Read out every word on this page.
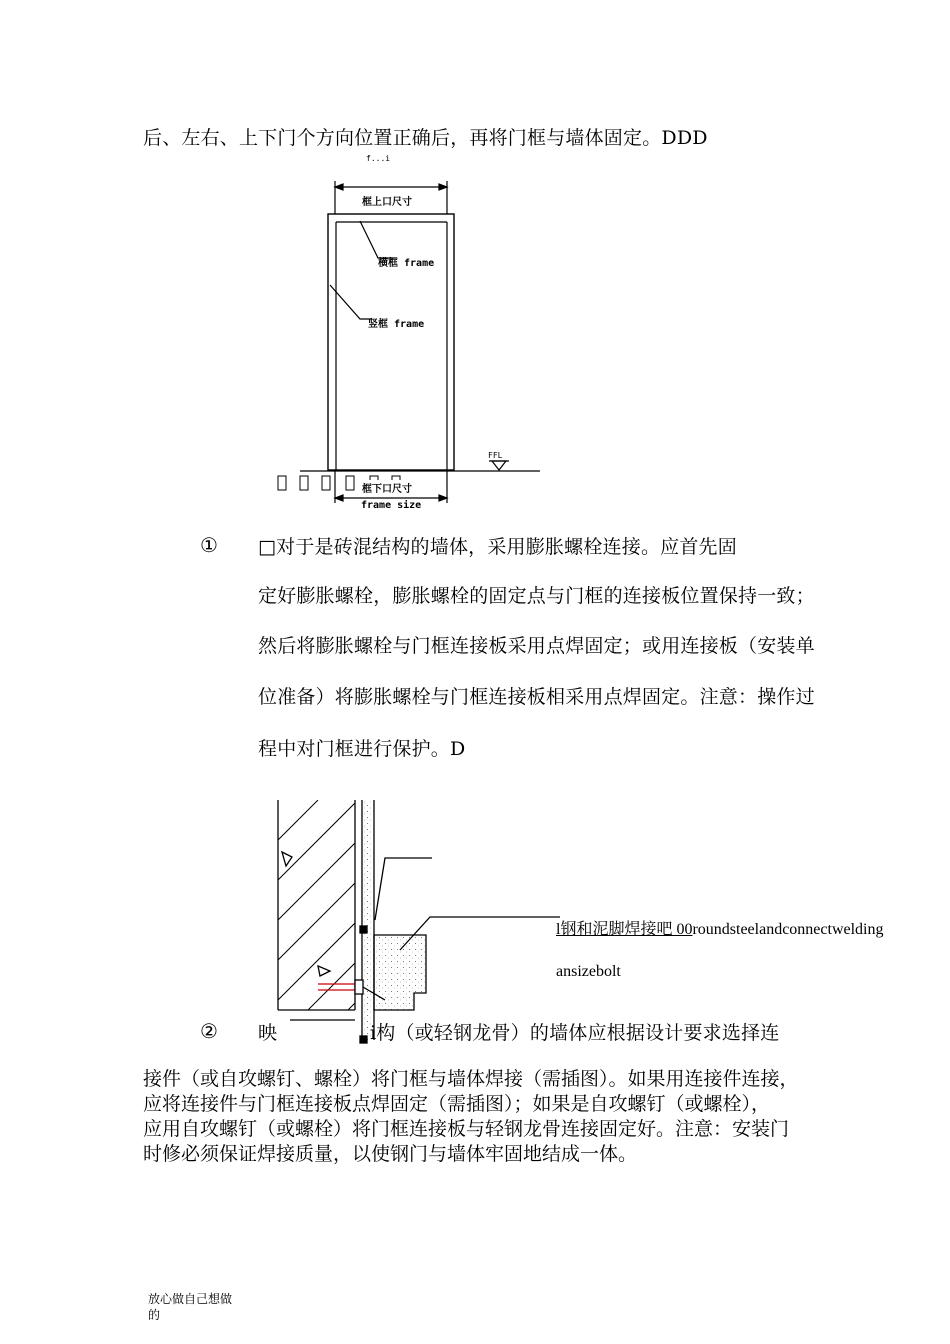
后、左右、上下门个方向位置正确后，再将门框与墙体固定。DDD
f...i
框上口尺寸
横框 frame
竖框 frame
FFL
框下口尺寸
frame size
① □对于是砖混结构的墙体，采用膨胀螺栓连接。应首先固
定好膨胀螺栓，膨胀螺栓的固定点与门框的连接板位置保持一致；
然后将膨胀螺栓与门框连接板采用点焊固定；或用连接板（安装单
位准备）将膨胀螺栓与门框连接板相采用点焊固定。注意：操作过
程中对门框进行保护。D
l钢和泥脚焊接吧 00roundsteelandconnectwelding
ansizebolt
② 映	i构（或轻钢龙骨）的墙体应根据设计要求选择连
接件（或自攻螺钉、螺栓）将门框与墙体焊接（需插图）。如果用连接件连接，
应将连接件与门框连接板点焊固定（需插图）；如果是自攻螺钉（或螺栓），
应用自攻螺钉（或螺栓）将门框连接板与轻钢龙骨连接固定好。注意：安装门
时修必须保证焊接质量，以使钢门与墙体牢固地结成一体。
放心做自己想做
的
